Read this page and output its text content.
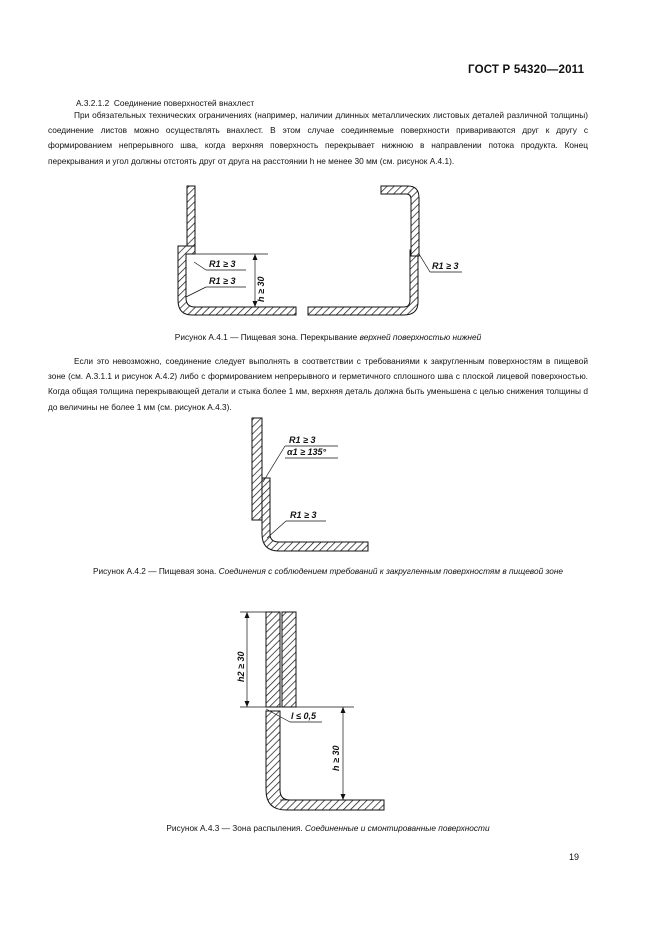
ГОСТ Р 54320—2011
А.3.2.1.2 Соединение поверхностей внахлест

При обязательных технических ограничениях (например, наличии длинных металлических листовых деталей различной толщины) соединение листов можно осуществлять внахлест. В этом случае соединяемые поверхности привариваются друг к другу с формированием непрерывного шва, когда верхняя поверхность перекрывает нижнюю в направлении потока продукта. Конец перекрывания и угол должны отстоять друг от друга на расстоянии h не менее 30 мм (см. рисунок А.4.1).

h ≥ 30
R1 ≥ 3
R1 ≥ 3
R1 ≥ 3
Рисунок А.4.1 — Пищевая зона. Перекрывание верхней поверхностью нижней

Если это невозможно, соединение следует выполнять в соответствии с требованиями к закругленным поверхностям в пищевой зоне (см. А.3.1.1 и рисунок А.4.2) либо с формированием непрерывного и герметичного сплошного шва с плоской лицевой поверхностью. Когда общая толщина перекрывающей детали и стыка более 1 мм, верхняя деталь должна быть уменьшена с целью снижения толщины d до величины не более 1 мм (см. рисунок А.4.3).

R1 ≥ 3
α1 ≥ 135°
R1 ≥ 3
Рисунок А.4.2 — Пищевая зона. Соединения с соблюдением требований к закругленным поверхностям в пищевой зоне
h2 ≥ 30
l ≤ 0,5
h ≥ 30
Рисунок А.4.3 — Зона распыления. Соединенные и смонтированные поверхности
19
